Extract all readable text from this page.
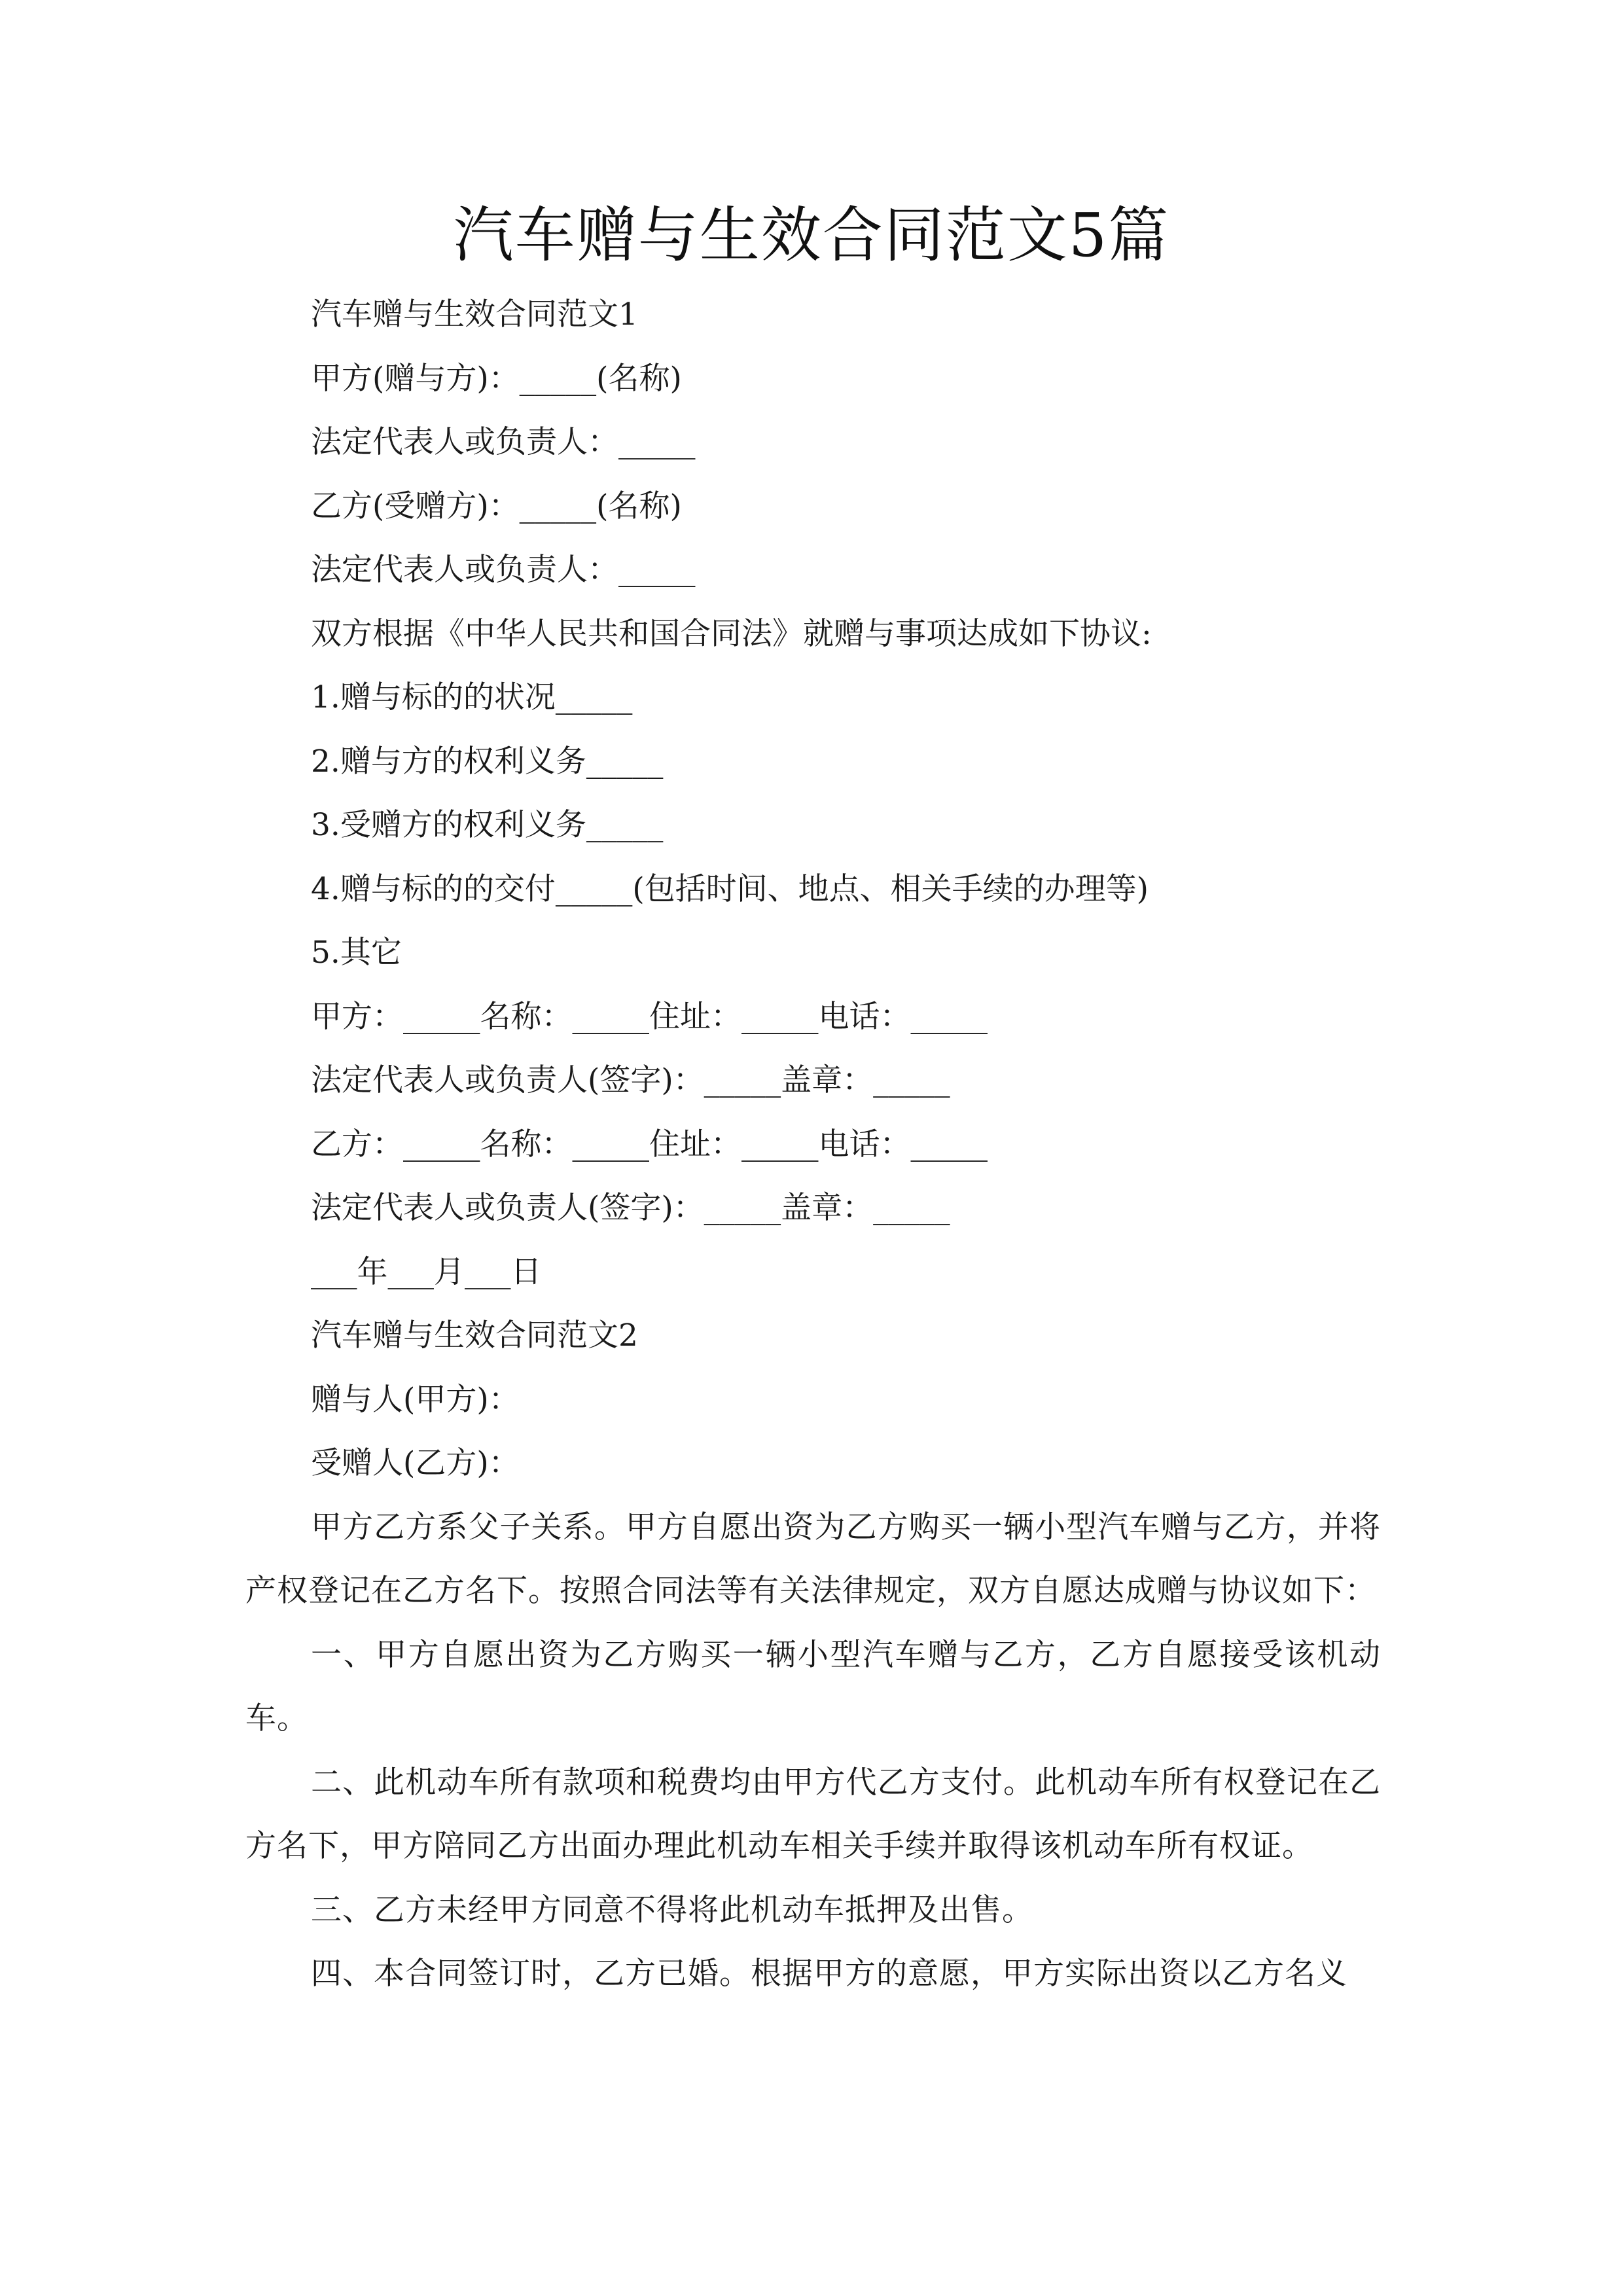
汽车赠与生效合同范文5篇

汽车赠与生效合同范文1

甲方(赠与方)：_____(名称)

法定代表人或负责人：_____

乙方(受赠方)：_____(名称)

法定代表人或负责人：_____

双方根据《中华人民共和国合同法》就赠与事项达成如下协议:

1.赠与标的的状况_____

2.赠与方的权利义务_____

3.受赠方的权利义务_____

4.赠与标的的交付_____(包括时间、地点、相关手续的办理等)

5.其它

甲方：_____名称：_____住址：_____电话：_____

法定代表人或负责人(签字)：_____盖章：_____

乙方：_____名称：_____住址：_____电话：_____

法定代表人或负责人(签字)：_____盖章：_____

___年___月___日

汽车赠与生效合同范文2

赠与人(甲方)：

受赠人(乙方)：

甲方乙方系父子关系。甲方自愿出资为乙方购买一辆小型汽车赠与乙方，并将产权登记在乙方名下。按照合同法等有关法律规定，双方自愿达成赠与协议如下：

一、甲方自愿出资为乙方购买一辆小型汽车赠与乙方，乙方自愿接受该机动车。

二、此机动车所有款项和税费均由甲方代乙方支付。此机动车所有权登记在乙方名下，甲方陪同乙方出面办理此机动车相关手续并取得该机动车所有权证。

三、乙方未经甲方同意不得将此机动车抵押及出售。

四、本合同签订时，乙方已婚。根据甲方的意愿，甲方实际出资以乙方名义
